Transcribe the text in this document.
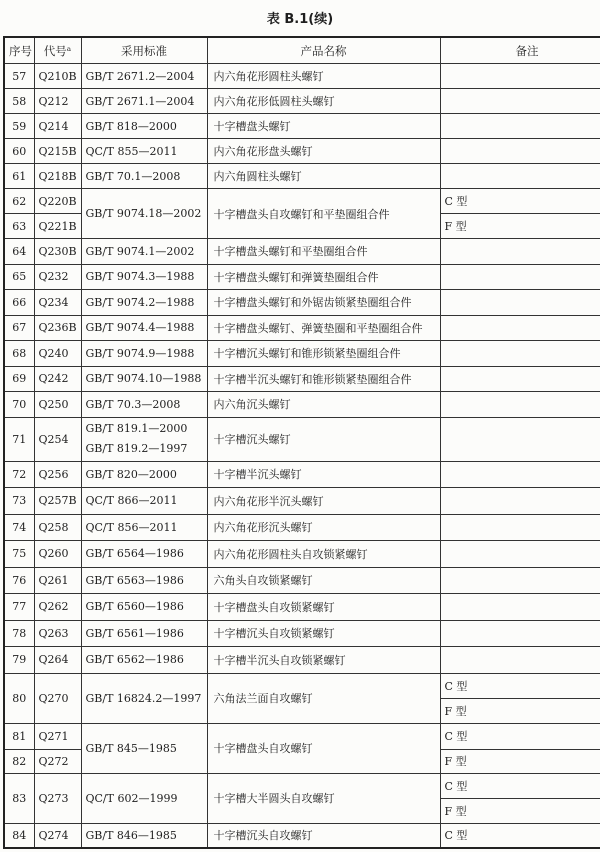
表 B.1(续)
序号	代号ᵃ	采用标准	产品名称	备注
57	Q210B	GB/T 2671.2—2004	内六角花形圆柱头螺钉	
58	Q212	GB/T 2671.1—2004	内六角花形低圆柱头螺钉	
59	Q214	GB/T 818—2000	十字槽盘头螺钉	
60	Q215B	QC/T 855—2011	内六角花形盘头螺钉	
61	Q218B	GB/T 70.1—2008	内六角圆柱头螺钉	
62	Q220B	GB/T 9074.18—2002	十字槽盘头自攻螺钉和平垫圈组合件	C 型
63	Q221B			F 型
64	Q230B	GB/T 9074.1—2002	十字槽盘头螺钉和平垫圈组合件	
65	Q232	GB/T 9074.3—1988	十字槽盘头螺钉和弹簧垫圈组合件	
66	Q234	GB/T 9074.2—1988	十字槽盘头螺钉和外锯齿锁紧垫圈组合件	
67	Q236B	GB/T 9074.4—1988	十字槽盘头螺钉、弹簧垫圈和平垫圈组合件	
68	Q240	GB/T 9074.9—1988	十字槽沉头螺钉和锥形锁紧垫圈组合件	
69	Q242	GB/T 9074.10—1988	十字槽半沉头螺钉和锥形锁紧垫圈组合件	
70	Q250	GB/T 70.3—2008	内六角沉头螺钉	
71	Q254	GB/T 819.1—2000
GB/T 819.2—1997	十字槽沉头螺钉	
72	Q256	GB/T 820—2000	十字槽半沉头螺钉	
73	Q257B	QC/T 866—2011	内六角花形半沉头螺钉	
74	Q258	QC/T 856—2011	内六角花形沉头螺钉	
75	Q260	GB/T 6564—1986	内六角花形圆柱头自攻锁紧螺钉	
76	Q261	GB/T 6563—1986	六角头自攻锁紧螺钉	
77	Q262	GB/T 6560—1986	十字槽盘头自攻锁紧螺钉	
78	Q263	GB/T 6561—1986	十字槽沉头自攻锁紧螺钉	
79	Q264	GB/T 6562—1986	十字槽半沉头自攻锁紧螺钉	
80	Q270	GB/T 16824.2—1997	六角法兰面自攻螺钉	C 型
				F 型
81	Q271	GB/T 845—1985	十字槽盘头自攻螺钉	C 型
82	Q272			F 型
83	Q273	QC/T 602—1999	十字槽大半圆头自攻螺钉	C 型
				F 型
84	Q274	GB/T 846—1985	十字槽沉头自攻螺钉	C 型
